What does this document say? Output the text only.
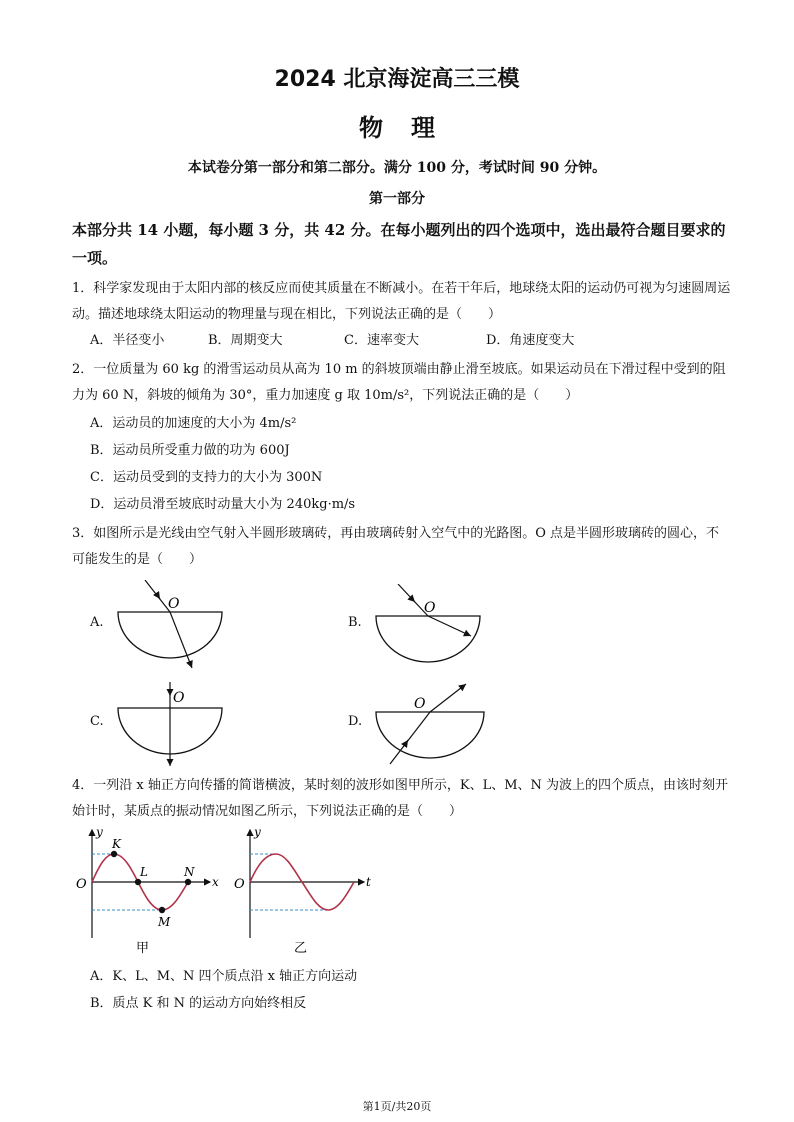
2024 北京海淀高三三模
物理
本试卷分第一部分和第二部分。满分 100 分，考试时间 90 分钟。
第一部分
本部分共 14 小题，每小题 3 分，共 42 分。在每小题列出的四个选项中，选出最符合题目要求的一项。
1．科学家发现由于太阳内部的核反应而使其质量在不断减小。在若干年后，地球绕太阳的运动仍可视为匀速圆周运动。描述地球绕太阳运动的物理量与现在相比，下列说法正确的是（　　）
A．半径变小	B．周期变大	C．速率变大	D．角速度变大
2．一位质量为 60 kg 的滑雪运动员从高为 10 m 的斜坡顶端由静止滑至坡底。如果运动员在下滑过程中受到的阻力为 60 N，斜坡的倾角为 30°，重力加速度 g 取 10m/s²，下列说法正确的是（　　）
A．运动员的加速度的大小为 4m/s²
B．运动员所受重力做的功为 600J
C．运动员受到的支持力的大小为 300N
D．运动员滑至坡底时动量大小为 240kg·m/s
3．如图所示是光线由空气射入半圆形玻璃砖，再由玻璃砖射入空气中的光路图。O 点是半圆形玻璃砖的圆心，不可能发生的是（　　）
A.	B.
C.	D.
O	O
O	O
4．一列沿 x 轴正方向传播的简谐横波，某时刻的波形如图甲所示，K、L、M、N 为波上的四个质点，由该时刻开始计时，某质点的振动情况如图乙所示，下列说法正确的是（　　）
y
x
O
K
L
M
N
甲
y
t
O
乙
A．K、L、M、N 四个质点沿 x 轴正方向运动
B．质点 K 和 N 的运动方向始终相反
第1页/共20页
